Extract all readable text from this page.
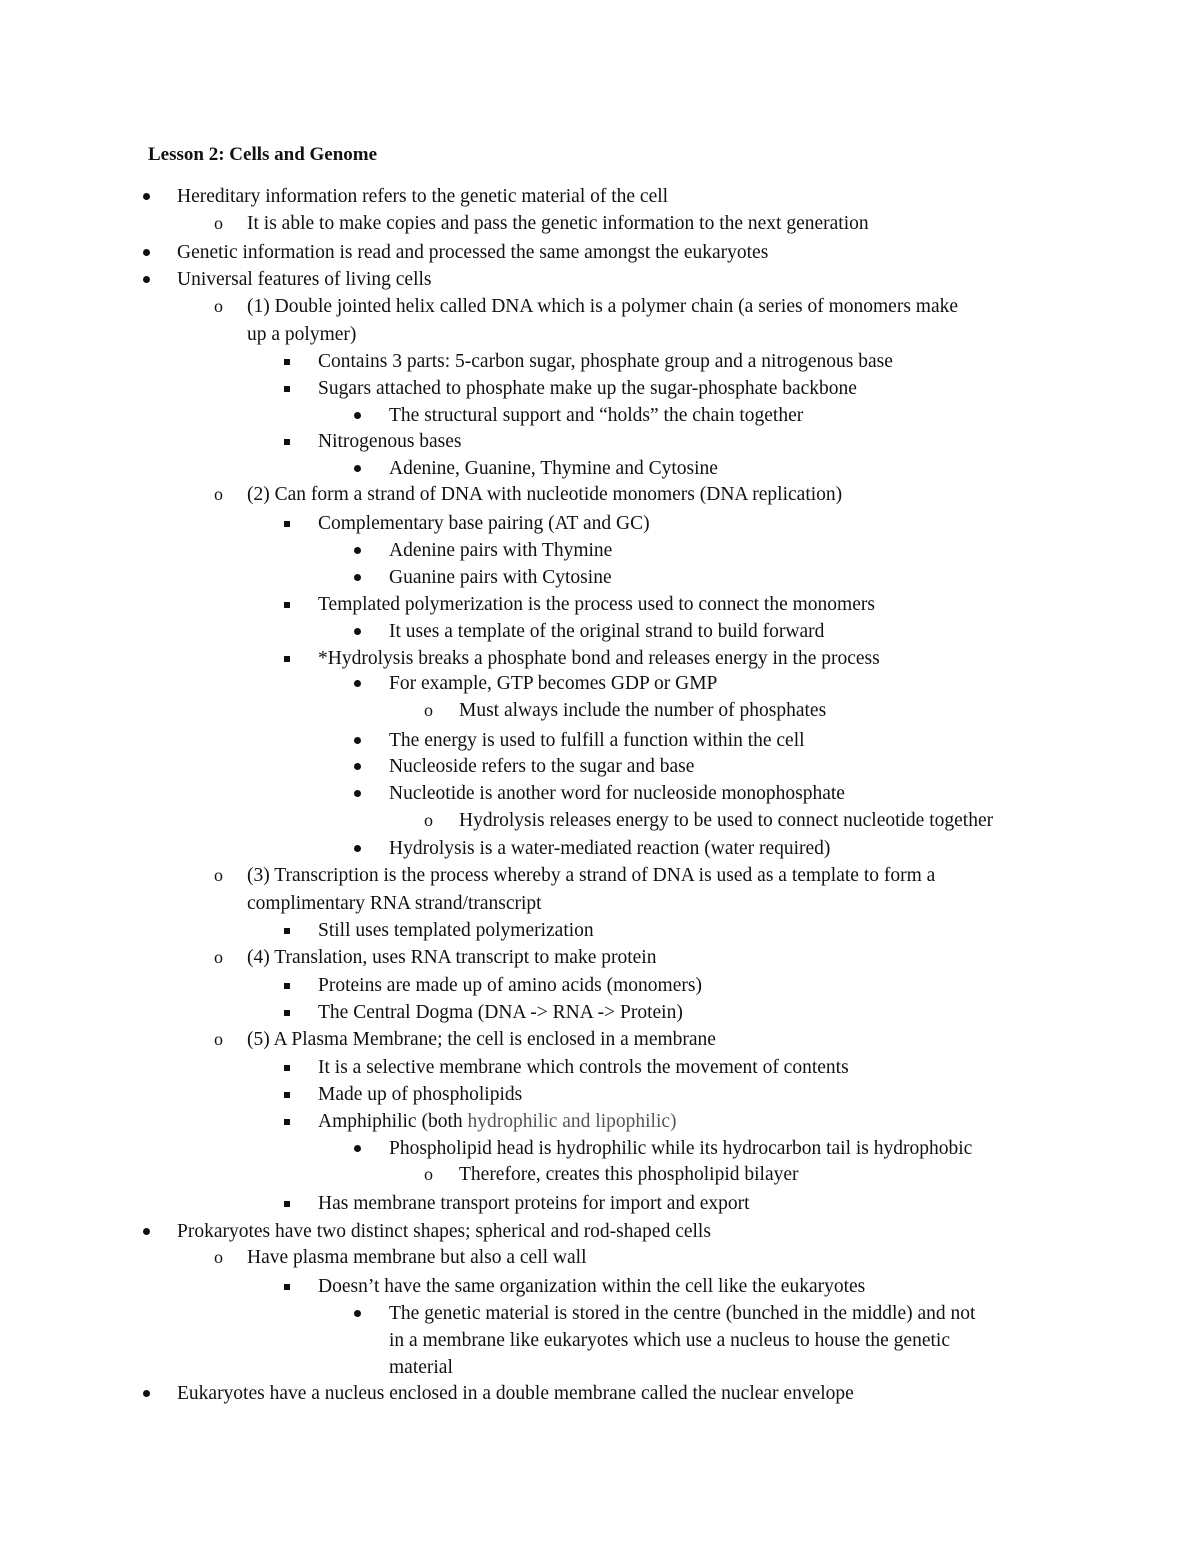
Lesson 2: Cells and Genome
Hereditary information refers to the genetic material of the cell
o It is able to make copies and pass the genetic information to the next generation
Genetic information is read and processed the same amongst the eukaryotes
Universal features of living cells
o (1) Double jointed helix called DNA which is a polymer chain (a series of monomers make
up a polymer)
Contains 3 parts: 5-carbon sugar, phosphate group and a nitrogenous base
Sugars attached to phosphate make up the sugar-phosphate backbone
The structural support and “holds” the chain together
Nitrogenous bases
Adenine, Guanine, Thymine and Cytosine
o (2) Can form a strand of DNA with nucleotide monomers (DNA replication)
Complementary base pairing (AT and GC)
Adenine pairs with Thymine
Guanine pairs with Cytosine
Templated polymerization is the process used to connect the monomers
It uses a template of the original strand to build forward
*Hydrolysis breaks a phosphate bond and releases energy in the process
For example, GTP becomes GDP or GMP
o Must always include the number of phosphates
The energy is used to fulfill a function within the cell
Nucleoside refers to the sugar and base
Nucleotide is another word for nucleoside monophosphate
o Hydrolysis releases energy to be used to connect nucleotide together
Hydrolysis is a water-mediated reaction (water required)
o (3) Transcription is the process whereby a strand of DNA is used as a template to form a
complimentary RNA strand/transcript
Still uses templated polymerization
o (4) Translation, uses RNA transcript to make protein
Proteins are made up of amino acids (monomers)
The Central Dogma (DNA -> RNA -> Protein)
o (5) A Plasma Membrane; the cell is enclosed in a membrane
It is a selective membrane which controls the movement of contents
Made up of phospholipids
Amphiphilic (both hydrophilic and lipophilic)
Phospholipid head is hydrophilic while its hydrocarbon tail is hydrophobic
o Therefore, creates this phospholipid bilayer
Has membrane transport proteins for import and export
Prokaryotes have two distinct shapes; spherical and rod-shaped cells
o Have plasma membrane but also a cell wall
Doesn’t have the same organization within the cell like the eukaryotes
The genetic material is stored in the centre (bunched in the middle) and not
in a membrane like eukaryotes which use a nucleus to house the genetic
material
Eukaryotes have a nucleus enclosed in a double membrane called the nuclear envelope
